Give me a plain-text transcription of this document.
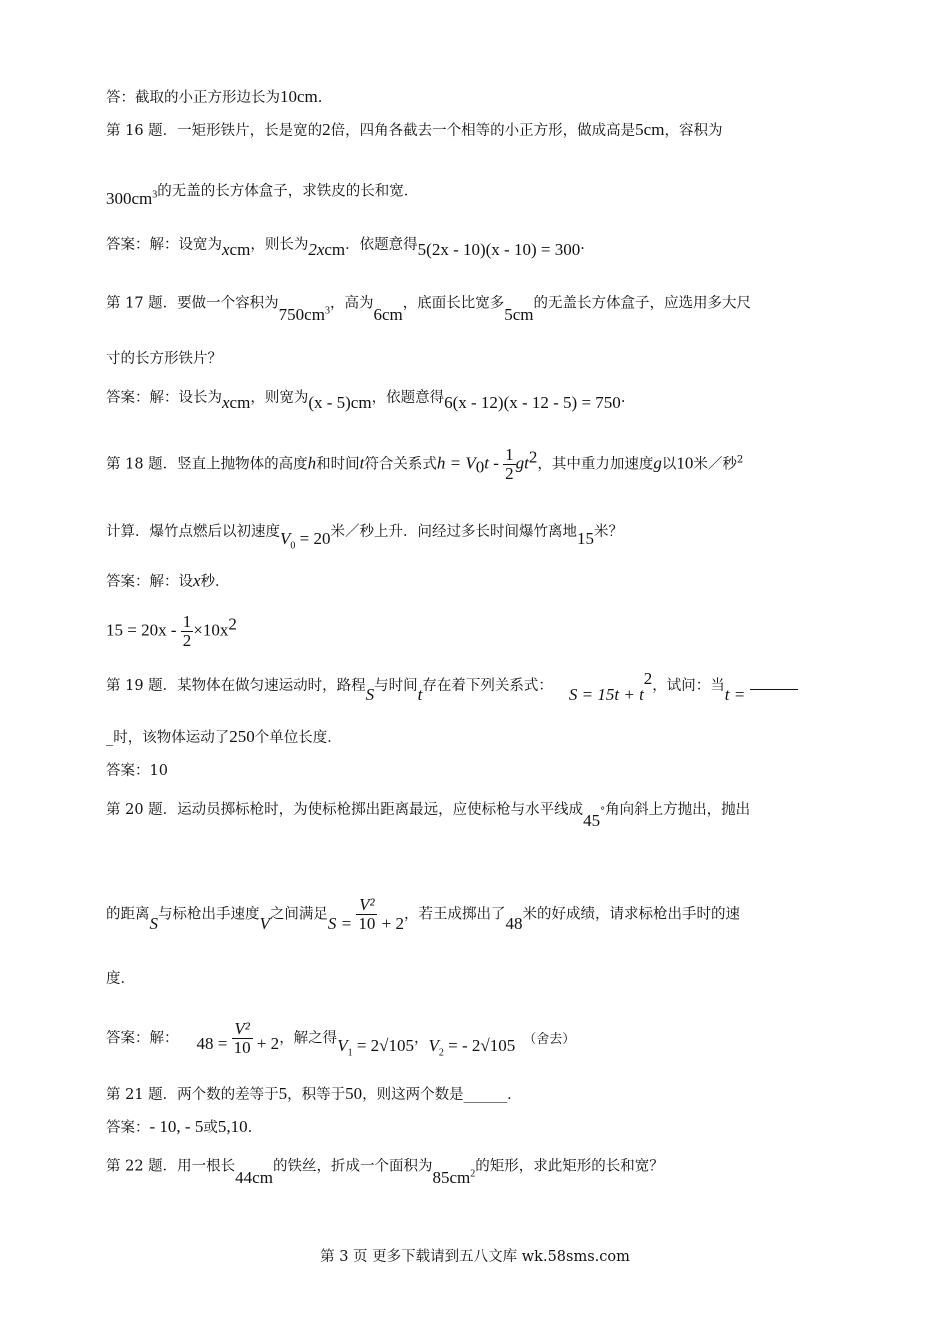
答：截取的小正方形边长为10cm.
第 16 题．一矩形铁片，长是宽的2倍，四角各截去一个相等的小正方形，做成高是5cm，容积为
$300cm^3$的无盖的长方体盒子，求铁皮的长和宽．
答案：解：设宽为xcm，则长为2xcm．依题意得5(2x - 10)(x - 10) = 300.
第 17 题．要做一个容积为$750cm^3$，高为6cm，底面长比宽多5cm的无盖长方体盒子，应选用多大尺
寸的长方形铁片？
答案：解：设长为xcm，则宽为(x - 5)cm，依题意得6(x - 12)(x - 12 - 5) = 750.
第 18 题．竖直上抛物体的高度h和时间t符合关系式$h = V_0t - \frac{1}{2} gt^2$，其中重力加速度g以10米／秒$^2$
计算．爆竹点燃后以初速度$V_0 = 20$米／秒上升．问经过多长时间爆竹离地15米？
答案：解：设x秒．
$15 = 20x - \frac{1}{2} \times 10x^2$
第 19 题．某物体在做匀速运动时，路程S与时间t存在着下列关系式： $S = 15t + t^2$，试问：当t =
_时，该物体运动了250个单位长度．
答案：10
第 20 题．运动员掷标枪时，为使标枪掷出距离最远，应使标枪与水平线成45°角向斜上方抛出，抛出
的距离S与标枪出手速度V之间满足$S = \frac{\text{V²}}{10} + 2$，若王成掷出了48米的好成绩，请求标枪出手时的速
度．
答案：解： $48 = \frac{\text{V²}}{10} + 2$，解之得$V_1 = 2√105$，$V_2$ = - 2√105 （舍去）
第 21 题．两个数的差等于5，积等于50，则这两个数是______．
答案：- 10, - 5或5,10.
第 22 题．用一根长44cm的铁丝，折成一个面积为$85cm^2$的矩形，求此矩形的长和宽？
第 3 页 更多下载请到五八文库 wk.58sms.com
